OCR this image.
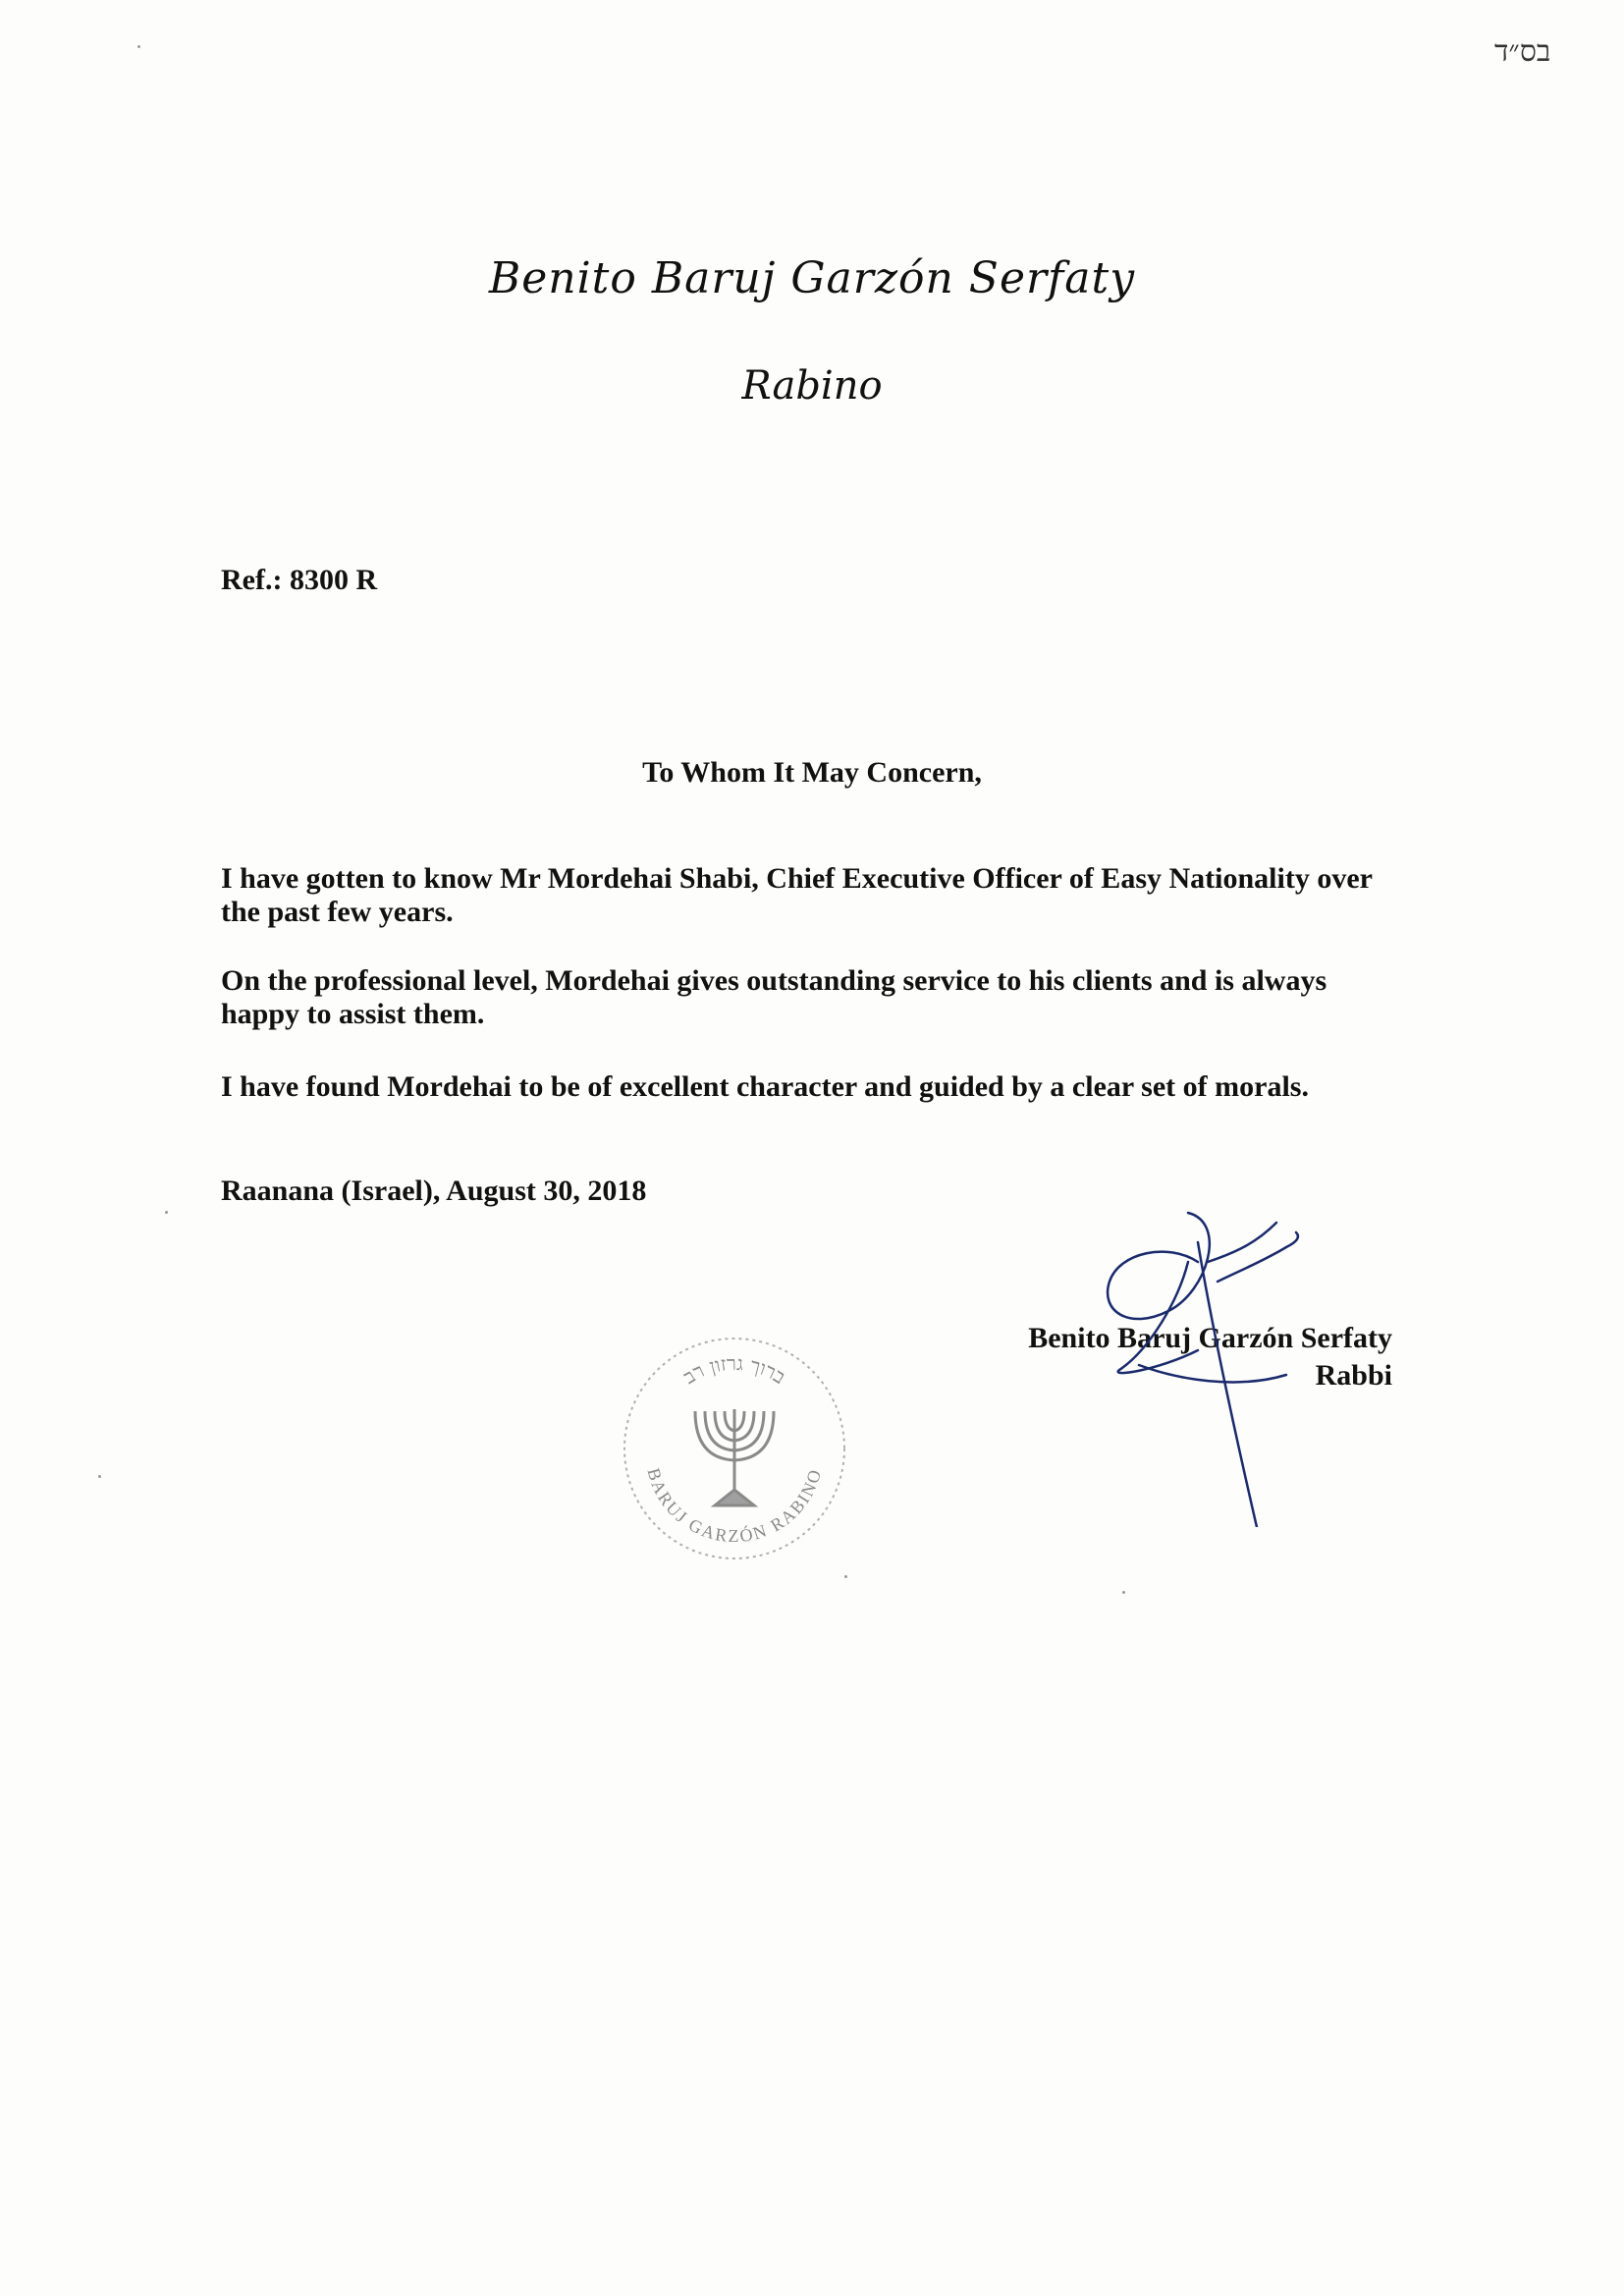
בס״ד
Benito Baruj Garzón Serfaty
Rabino
Ref.: 8300 R
To Whom It May Concern,
I have gotten to know Mr Mordehai Shabi, Chief Executive Officer of Easy Nationality over the past few years.
On the professional level, Mordehai gives outstanding service to his clients and is always happy to assist them.
I have found Mordehai to be of excellent character and guided by a clear set of morals.
Raanana (Israel), August 30, 2018
ברוך גרזון רב
BARUJ GARZÓN RABINO
Benito Baruj Garzón Serfaty
Rabbi
